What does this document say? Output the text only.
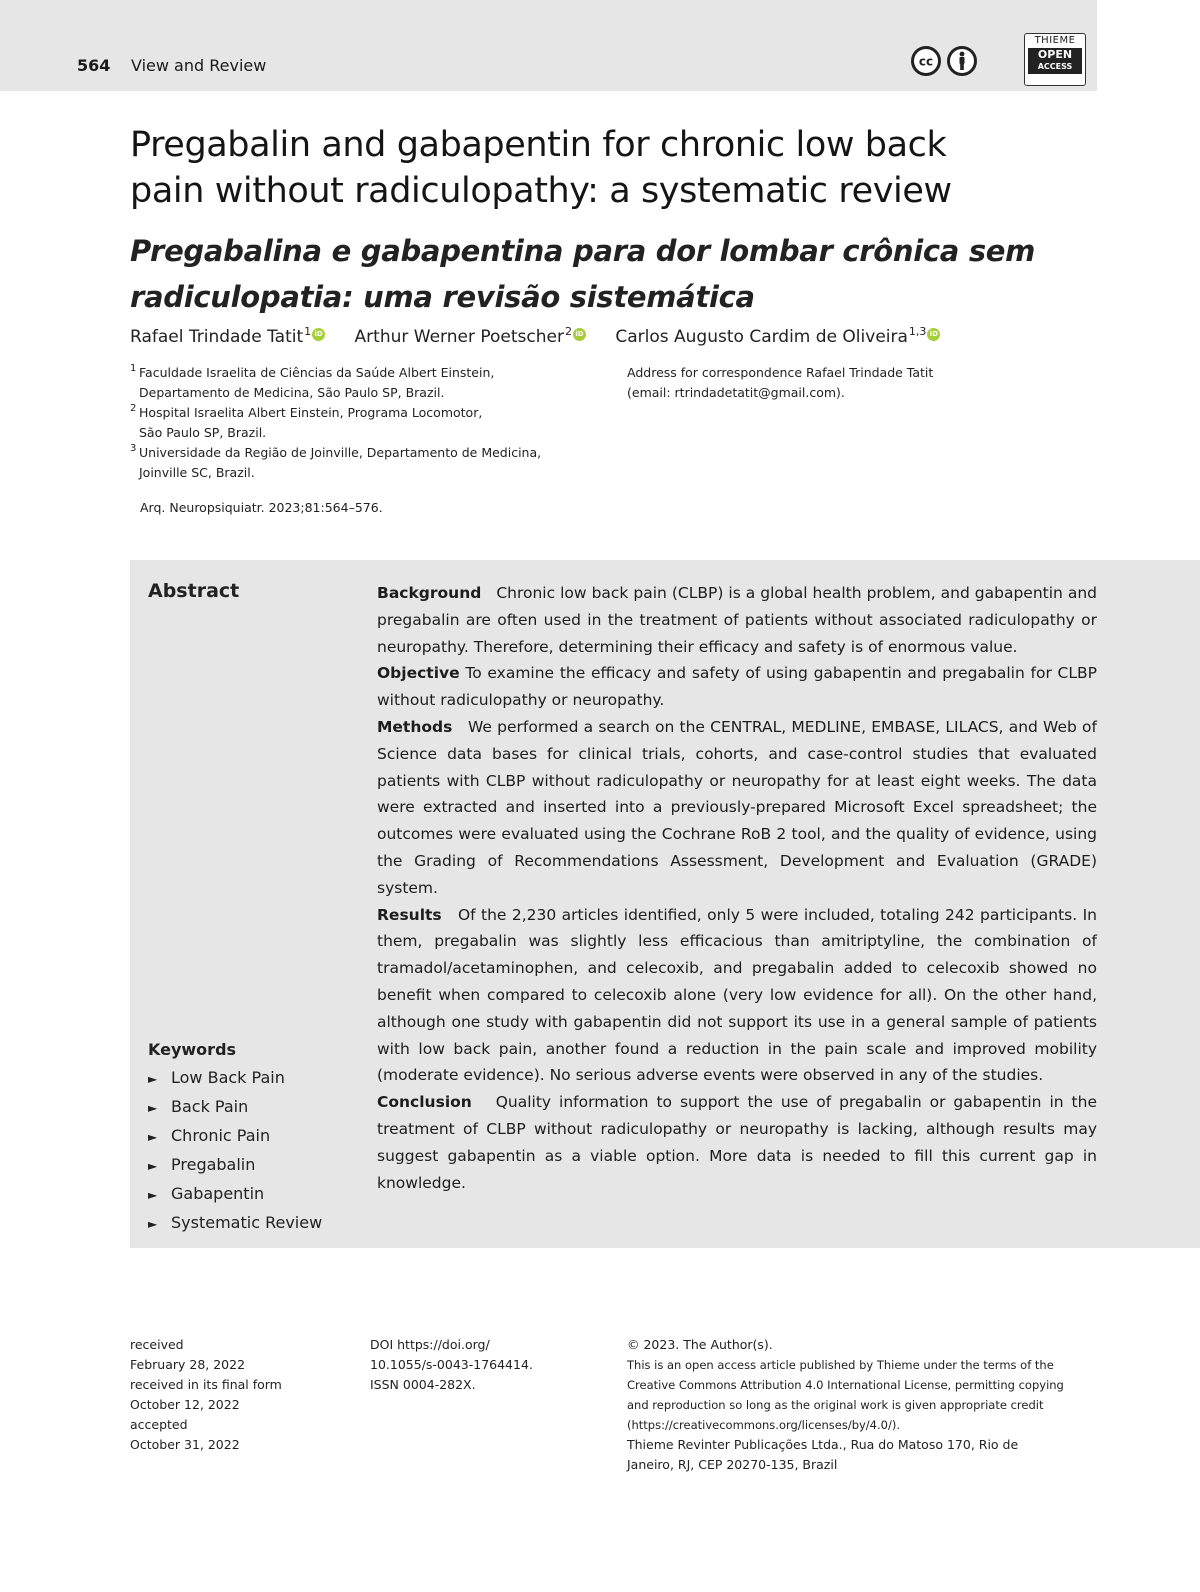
564 View and Review	cc
THIEME
OPEN
ACCESS
Pregabalin and gabapentin for chronic low back pain without radiculopathy: a systematic review
Pregabalina e gabapentina para dor lombar crônica sem radiculopatia: uma revisão sistemática
Rafael Trindade Tatit$^1$ iD Arthur Werner Poetscher$^2$ iD Carlos Augusto Cardim de Oliveira$^{1,3}$ iD
1 Faculdade Israelita de Ciências da Saúde Albert Einstein,
Departamento de Medicina, São Paulo SP, Brazil.
2 Hospital Israelita Albert Einstein, Programa Locomotor,
São Paulo SP, Brazil.
3 Universidade da Região de Joinville, Departamento de Medicina,
Joinville SC, Brazil.
Address for correspondence Rafael Trindade Tatit
(email: rtrindadetatit@gmail.com).
Arq. Neuropsiquiatr. 2023;81:564–576.
Abstract
Keywords
► Low Back Pain
► Back Pain
► Chronic Pain
► Pregabalin
► Gabapentin
► Systematic Review

Background Chronic low back pain (CLBP) is a global health problem, and gabapentin and pregabalin are often used in the treatment of patients without associated radiculopathy or neuropathy. Therefore, determining their efficacy and safety is of enormous value.

Objective To examine the efficacy and safety of using gabapentin and pregabalin for CLBP without radiculopathy or neuropathy.

Methods We performed a search on the CENTRAL, MEDLINE, EMBASE, LILACS, and Web of Science data bases for clinical trials, cohorts, and case-control studies that evaluated patients with CLBP without radiculopathy or neuropathy for at least eight weeks. The data were extracted and inserted into a previously-prepared Microsoft Excel spreadsheet; the outcomes were evaluated using the Cochrane RoB 2 tool, and the quality of evidence, using the Grading of Recommendations Assessment, Development and Evaluation (GRADE) system.

Results Of the 2,230 articles identified, only 5 were included, totaling 242 participants. In them, pregabalin was slightly less efficacious than amitriptyline, the combination of tramadol/acetaminophen, and celecoxib, and pregabalin added to celecoxib showed no benefit when compared to celecoxib alone (very low evidence for all). On the other hand, although one study with gabapentin did not support its use in a general sample of patients with low back pain, another found a reduction in the pain scale and improved mobility (moderate evidence). No serious adverse events were observed in any of the studies.

Conclusion Quality information to support the use of pregabalin or gabapentin in the treatment of CLBP without radiculopathy or neuropathy is lacking, although results may suggest gabapentin as a viable option. More data is needed to fill this current gap in knowledge.

received
February 28, 2022
received in its final form
October 12, 2022
accepted
October 31, 2022
DOI https://doi.org/
10.1055/s-0043-1764414.
ISSN 0004-282X.
© 2023. The Author(s).
This is an open access article published by Thieme under the terms of the
Creative Commons Attribution 4.0 International License, permitting copying
and reproduction so long as the original work is given appropriate credit
(https://creativecommons.org/licenses/by/4.0/).
Thieme Revinter Publicações Ltda., Rua do Matoso 170, Rio de
Janeiro, RJ, CEP 20270-135, Brazil
